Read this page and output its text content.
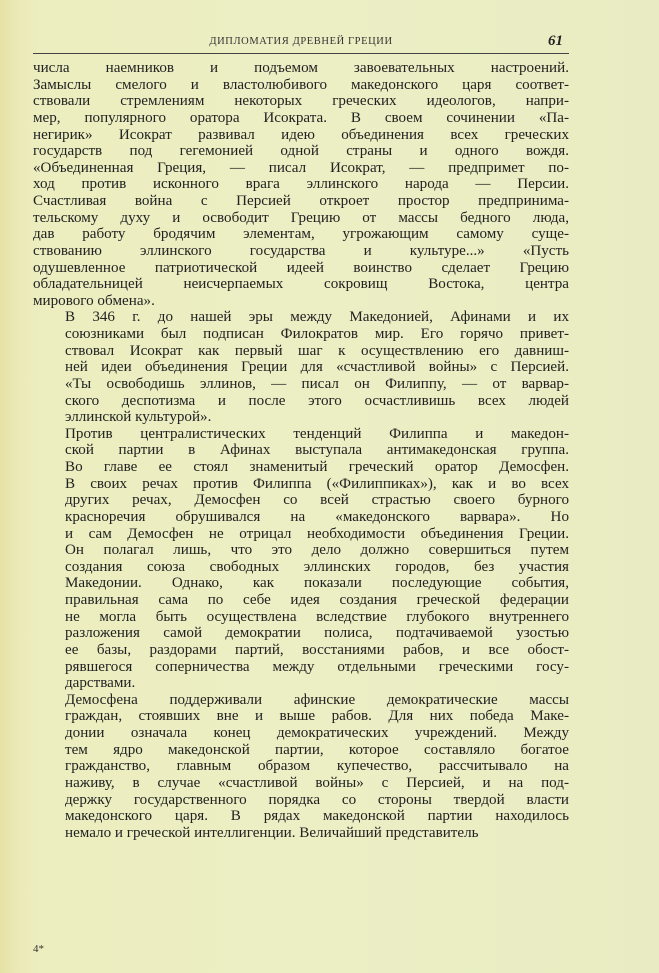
ДИПЛОМАТИЯ ДРЕВНЕЙ ГРЕЦИИ	61
числа наемников и подъемом завоевательных настроений.
Замыслы смелого и властолюбивого македонского царя соответ-
ствовали стремлениям некоторых греческих идеологов, напри-
мер, популярного оратора Исократа. В своем сочинении «Па-
негирик» Исократ развивал идею объединения всех греческих
государств под гегемонией одной страны и одного вождя.
«Объединенная Греция, — писал Исократ, — предпримет по-
ход против исконного врага эллинского народа — Персии.
Счастливая война с Персией откроет простор предпринима-
тельскому духу и освободит Грецию от массы бедного люда,
дав работу бродячим элементам, угрожающим самому суще-
ствованию эллинского государства и культуре...» «Пусть
одушевленное патриотической идеей воинство сделает Грецию
обладательницей неисчерпаемых сокровищ Востока, центра
мирового обмена».
В 346 г. до нашей эры между Македонией, Афинами и их
союзниками был подписан Филократов мир. Его горячо привет-
ствовал Исократ как первый шаг к осуществлению его давниш-
ней идеи объединения Греции для «счастливой войны» с Персией.
«Ты освободишь эллинов, — писал он Филиппу, — от варвар-
ского деспотизма и после этого осчастливишь всех людей
эллинской культурой».
Против централистических тенденций Филиппа и македон-
ской партии в Афинах выступала антимакедонская группа.
Во главе ее стоял знаменитый греческий оратор Демосфен.
В своих речах против Филиппа («Филиппиках»), как и во всех
других речах, Демосфен со всей страстью своего бурного
красноречия обрушивался на «македонского варвара». Но
и сам Демосфен не отрицал необходимости объединения Греции.
Он полагал лишь, что это дело должно совершиться путем
создания союза свободных эллинских городов, без участия
Македонии. Однако, как показали последующие события,
правильная сама по себе идея создания греческой федерации
не могла быть осуществлена вследствие глубокого внутреннего
разложения самой демократии полиса, подтачиваемой узостью
ее базы, раздорами партий, восстаниями рабов, и все обост-
рявшегося соперничества между отдельными греческими госу-
дарствами.
Демосфена поддерживали афинские демократические массы
граждан, стоявших вне и выше рабов. Для них победа Маке-
донии означала конец демократических учреждений. Между
тем ядро македонской партии, которое составляло богатое
гражданство, главным образом купечество, рассчитывало на
наживу, в случае «счастливой войны» с Персией, и на под-
держку государственного порядка со стороны твердой власти
македонского царя. В рядах македонской партии находилось
немало и греческой интеллигенции. Величайший представитель
4*
